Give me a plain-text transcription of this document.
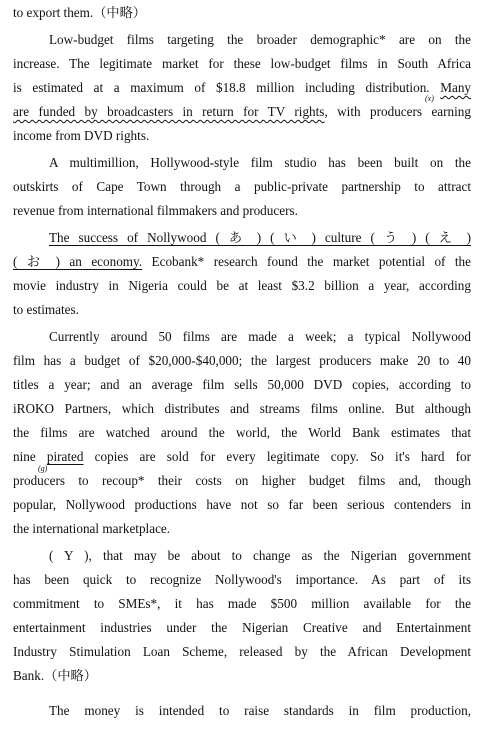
to export them.（中略）
Low-budget films targeting the broader demographic* are on the
increase. The legitimate market for these low-budget films in South Africa
is estimated at a maximum of $18.8 million including distribution. Many
(x)
are funded by broadcasters in return for TV rights, with producers earning
income from DVD rights.
A multimillion, Hollywood-style film studio has been built on the
outskirts of Cape Town through a public-private partnership to attract
revenue from international filmmakers and producers.
The success of Nollywood ( あ ) ( い ) culture ( う ) ( え )
( お ) an economy. Ecobank* research found the market potential of the
movie industry in Nigeria could be at least $3.2 billion a year, according
to estimates.
Currently around 50 films are made a week; a typical Nollywood
film has a budget of $20,000-$40,000; the largest producers make 20 to 40
titles a year; and an average film sells 50,000 DVD copies, according to
iROKO Partners, which distributes and streams films online. But although
the films are watched around the world, the World Bank estimates that
nine pirated copies are sold for every legitimate copy. So it's hard for
(g)
producers to recoup* their costs on higher budget films and, though
popular, Nollywood productions have not so far been serious contenders in
the international marketplace.
( Y ), that may be about to change as the Nigerian government
has been quick to recognize Nollywood's importance. As part of its
commitment to SMEs*, it has made $500 million available for the
entertainment industries under the Nigerian Creative and Entertainment
Industry Stimulation Loan Scheme, released by the African Development
Bank.（中略）
The money is intended to raise standards in film production,
